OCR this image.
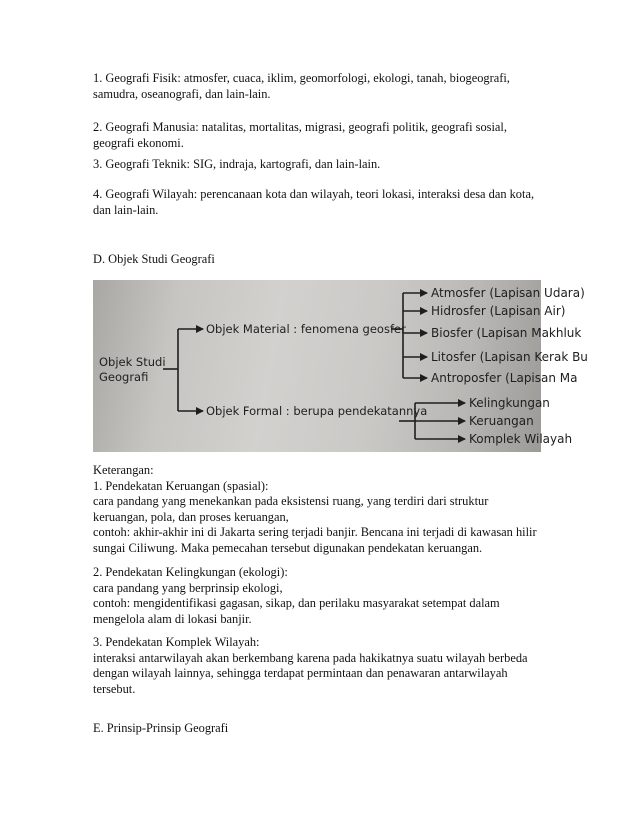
1. Geografi Fisik: atmosfer, cuaca, iklim, geomorfologi, ekologi, tanah, biogeografi,

samudra, oseanografi, dan lain-lain.

2. Geografi Manusia: natalitas, mortalitas, migrasi, geografi politik, geografi sosial,

geografi ekonomi.

3. Geografi Teknik: SIG, indraja, kartografi, dan lain-lain.

4. Geografi Wilayah: perencanaan kota dan wilayah, teori lokasi, interaksi desa dan kota,

dan lain-lain.

D. Objek Studi Geografi

Objek Studi
Geografi
Objek Material : fenomena geosfer
Atmosfer (Lapisan Udara)
Hidrosfer (Lapisan Air)
Biosfer (Lapisan Makhluk
Litosfer (Lapisan Kerak Bu
Antroposfer (Lapisan Ma
Objek Formal : berupa pendekatannya
Kelingkungan
Keruangan
Komplek Wilayah

Keterangan:

1. Pendekatan Keruangan (spasial):

cara pandang yang menekankan pada eksistensi ruang, yang terdiri dari struktur

keruangan, pola, dan proses keruangan,

contoh: akhir-akhir ini di Jakarta sering terjadi banjir. Bencana ini terjadi di kawasan hilir

sungai Ciliwung. Maka pemecahan tersebut digunakan pendekatan keruangan.

2. Pendekatan Kelingkungan (ekologi):

cara pandang yang berprinsip ekologi,

contoh: mengidentifikasi gagasan, sikap, dan perilaku masyarakat setempat dalam

mengelola alam di lokasi banjir.

3. Pendekatan Komplek Wilayah:

interaksi antarwilayah akan berkembang karena pada hakikatnya suatu wilayah berbeda

dengan wilayah lainnya, sehingga terdapat permintaan dan penawaran antarwilayah

tersebut.

E. Prinsip-Prinsip Geografi
